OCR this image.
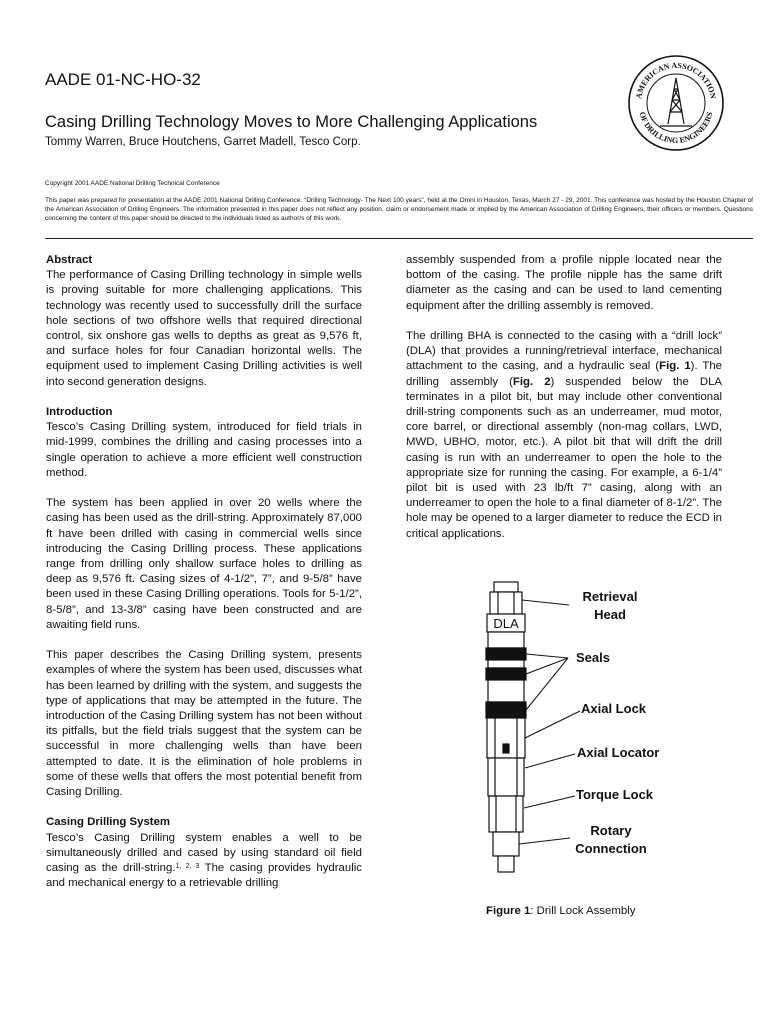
AADE 01-NC-HO-32
Casing Drilling Technology Moves to More Challenging Applications
Tommy Warren, Bruce Houtchens, Garret Madell, Tesco Corp.
Copyright 2001 AADE National Drilling Technical Conference
This paper was prepared for presentation at the AADE 2001 National Drilling Conference. “Drilling Technology- The Next 100 years”, held at the Omni in Houston, Texas, March 27 - 29, 2001. This conference was hosted by the Houston Chapter of the American Association of Drilling Engineers. The information presented in this paper does not reflect any position, claim or endorsement made or implied by the American Association of Drilling Engineers, their officers or members. Questions concerning the content of this paper should be directed to the individuals listed as author/s of this work.
AMERICAN ASSOCIATION
OF DRILLING ENGINEERS
Abstract

The performance of Casing Drilling technology in simple wells is proving suitable for more challenging applications. This technology was recently used to successfully drill the surface hole sections of two offshore wells that required directional control, six onshore gas wells to depths as great as 9,576 ft, and surface holes for four Canadian horizontal wells. The equipment used to implement Casing Drilling activities is well into second generation designs.

Introduction

Tesco’s Casing Drilling system, introduced for field trials in mid-1999, combines the drilling and casing processes into a single operation to achieve a more efficient well construction method.

The system has been applied in over 20 wells where the casing has been used as the drill-string. Approximately 87,000 ft have been drilled with casing in commercial wells since introducing the Casing Drilling process. These applications range from drilling only shallow surface holes to drilling as deep as 9,576 ft. Casing sizes of 4-1/2”, 7”, and 9-5/8” have been used in these Casing Drilling operations. Tools for 5-1/2”, 8-5/8”, and 13-3/8” casing have been constructed and are awaiting field runs.

This paper describes the Casing Drilling system, presents examples of where the system has been used, discusses what has been learned by drilling with the system, and suggests the type of applications that may be attempted in the future. The introduction of the Casing Drilling system has not been without its pitfalls, but the field trials suggest that the system can be successful in more challenging wells than have been attempted to date. It is the elimination of hole problems in some of these wells that offers the most potential benefit from Casing Drilling.

Casing Drilling System

Tesco’s Casing Drilling system enables a well to be simultaneously drilled and cased by using standard oil field casing as the drill-string.$^{1, 2, 3}$ The casing provides hydraulic and mechanical energy to a retrievable drilling

assembly suspended from a profile nipple located near the bottom of the casing. The profile nipple has the same drift diameter as the casing and can be used to land cementing equipment after the drilling assembly is removed.

The drilling BHA is connected to the casing with a “drill lock” (DLA) that provides a running/retrieval interface, mechanical attachment to the casing, and a hydraulic seal (Fig. 1). The drilling assembly (Fig. 2) suspended below the DLA terminates in a pilot bit, but may include other conventional drill-string components such as an underreamer, mud motor, core barrel, or directional assembly (non-mag collars, LWD, MWD, UBHO, motor, etc.). A pilot bit that will drift the drill casing is run with an underreamer to open the hole to the appropriate size for running the casing. For example, a 6-1/4” pilot bit is used with 23 lb/ft 7” casing, along with an underreamer to open the hole to a final diameter of 8-1/2”. The hole may be opened to a larger diameter to reduce the ECD in critical applications.

DLA
Retrieval Head
Seals
Axial Lock
Axial Locator
Torque Lock
Rotary Connection
Figure 1: Drill Lock Assembly
